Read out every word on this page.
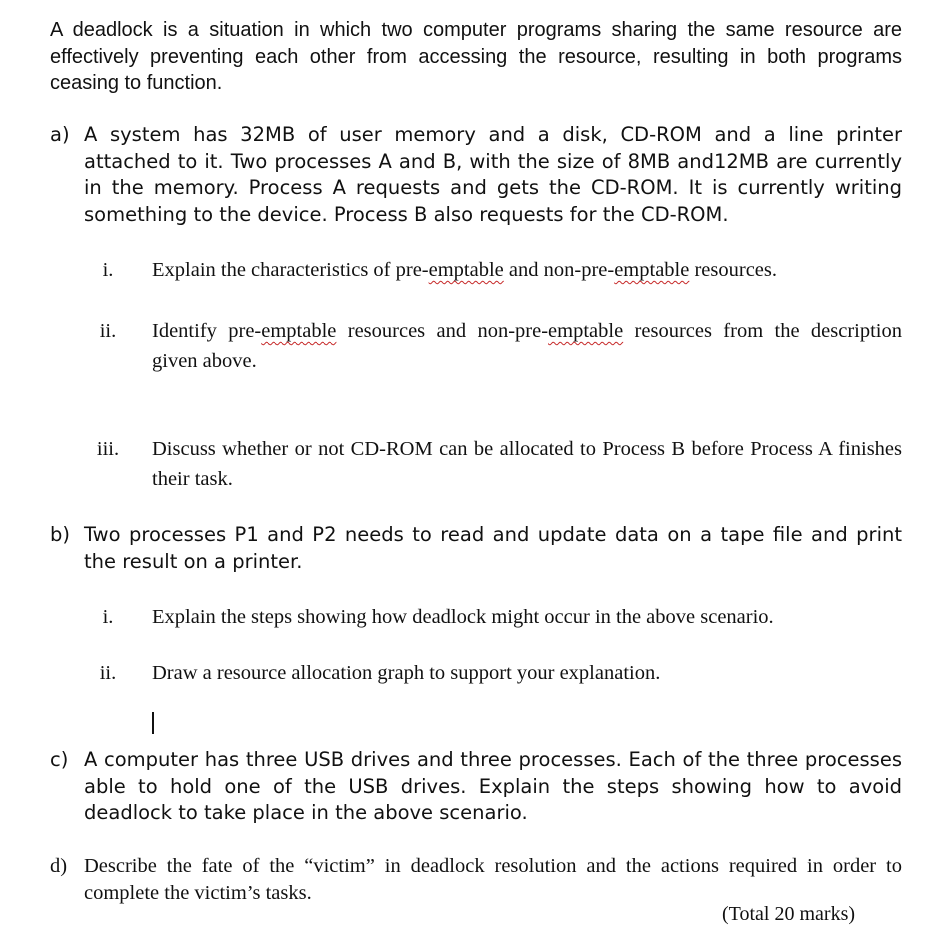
A deadlock is a situation in which two computer programs sharing the same resource are effectively preventing each other from accessing the resource, resulting in both programs ceasing to function.
a) A system has 32MB of user memory and a disk, CD-ROM and a line printer attached to it. Two processes A and B, with the size of 8MB and12MB are currently in the memory. Process A requests and gets the CD-ROM. It is currently writing something to the device. Process B also requests for the CD-ROM.
i.	Explain the characteristics of pre-emptable and non-pre-emptable resources.
ii.	Identify pre-emptable resources and non-pre-emptable resources from the description given above.
iii.	Discuss whether or not CD-ROM can be allocated to Process B before Process A finishes their task.
b) Two processes P1 and P2 needs to read and update data on a tape file and print the result on a printer.
i.	Explain the steps showing how deadlock might occur in the above scenario.
ii.	Draw a resource allocation graph to support your explanation.
c) A computer has three USB drives and three processes. Each of the three processes able to hold one of the USB drives. Explain the steps showing how to avoid deadlock to take place in the above scenario.
d) Describe the fate of the “victim” in deadlock resolution and the actions required in order to complete the victim’s tasks.
(Total 20 marks)
